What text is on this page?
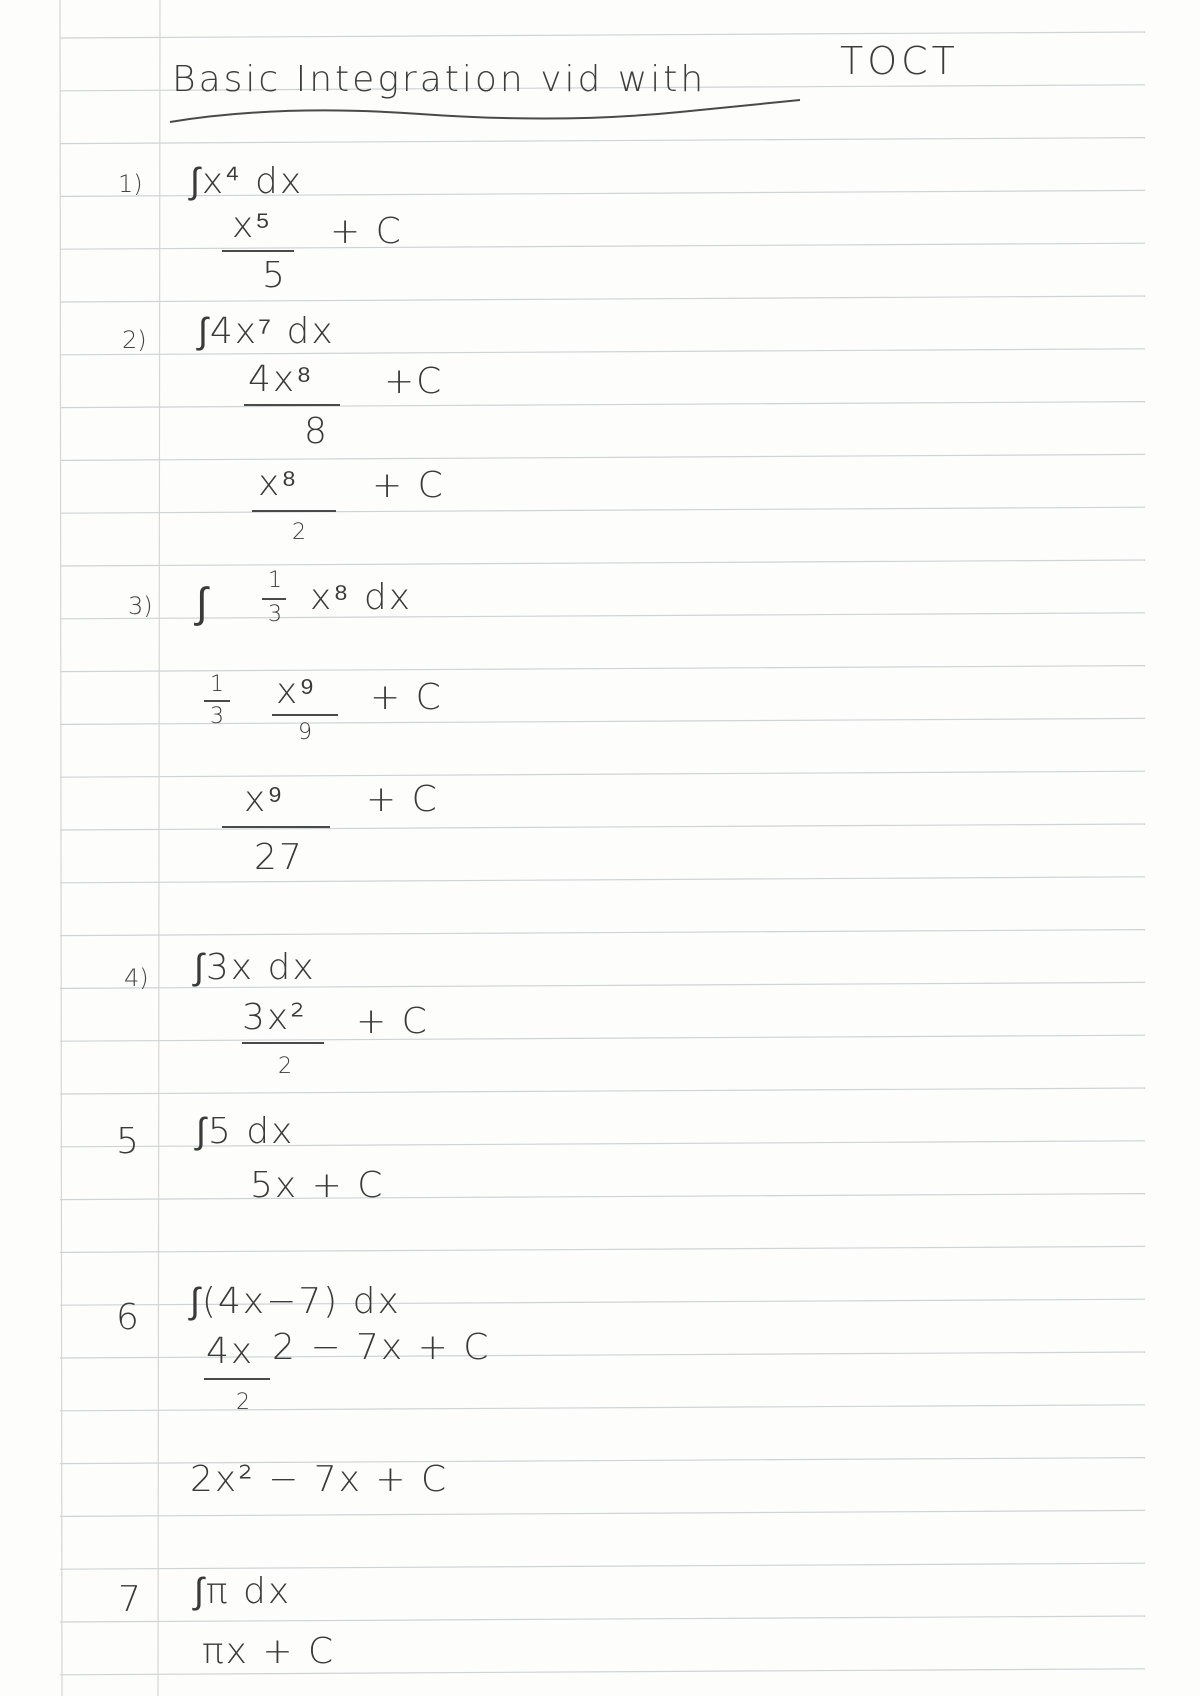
Basic Integration vid with	TOCT
1) ∫x⁴ dx
x⁵
5
+ C
2) ∫4x⁷ dx
4x⁸
8
+C
x⁸
2
+ C
3) ∫	1
3 x⁸ dx
1
3
x⁹
9
+ C
x⁹
27
+ C
4) ∫3x dx
3x²
2
+ C
5 ∫5 dx
5x + C
6 ∫(4x−7) dx
4x
2
2 − 7x + C
2x² − 7x + C
7 ∫π dx
πx + C
